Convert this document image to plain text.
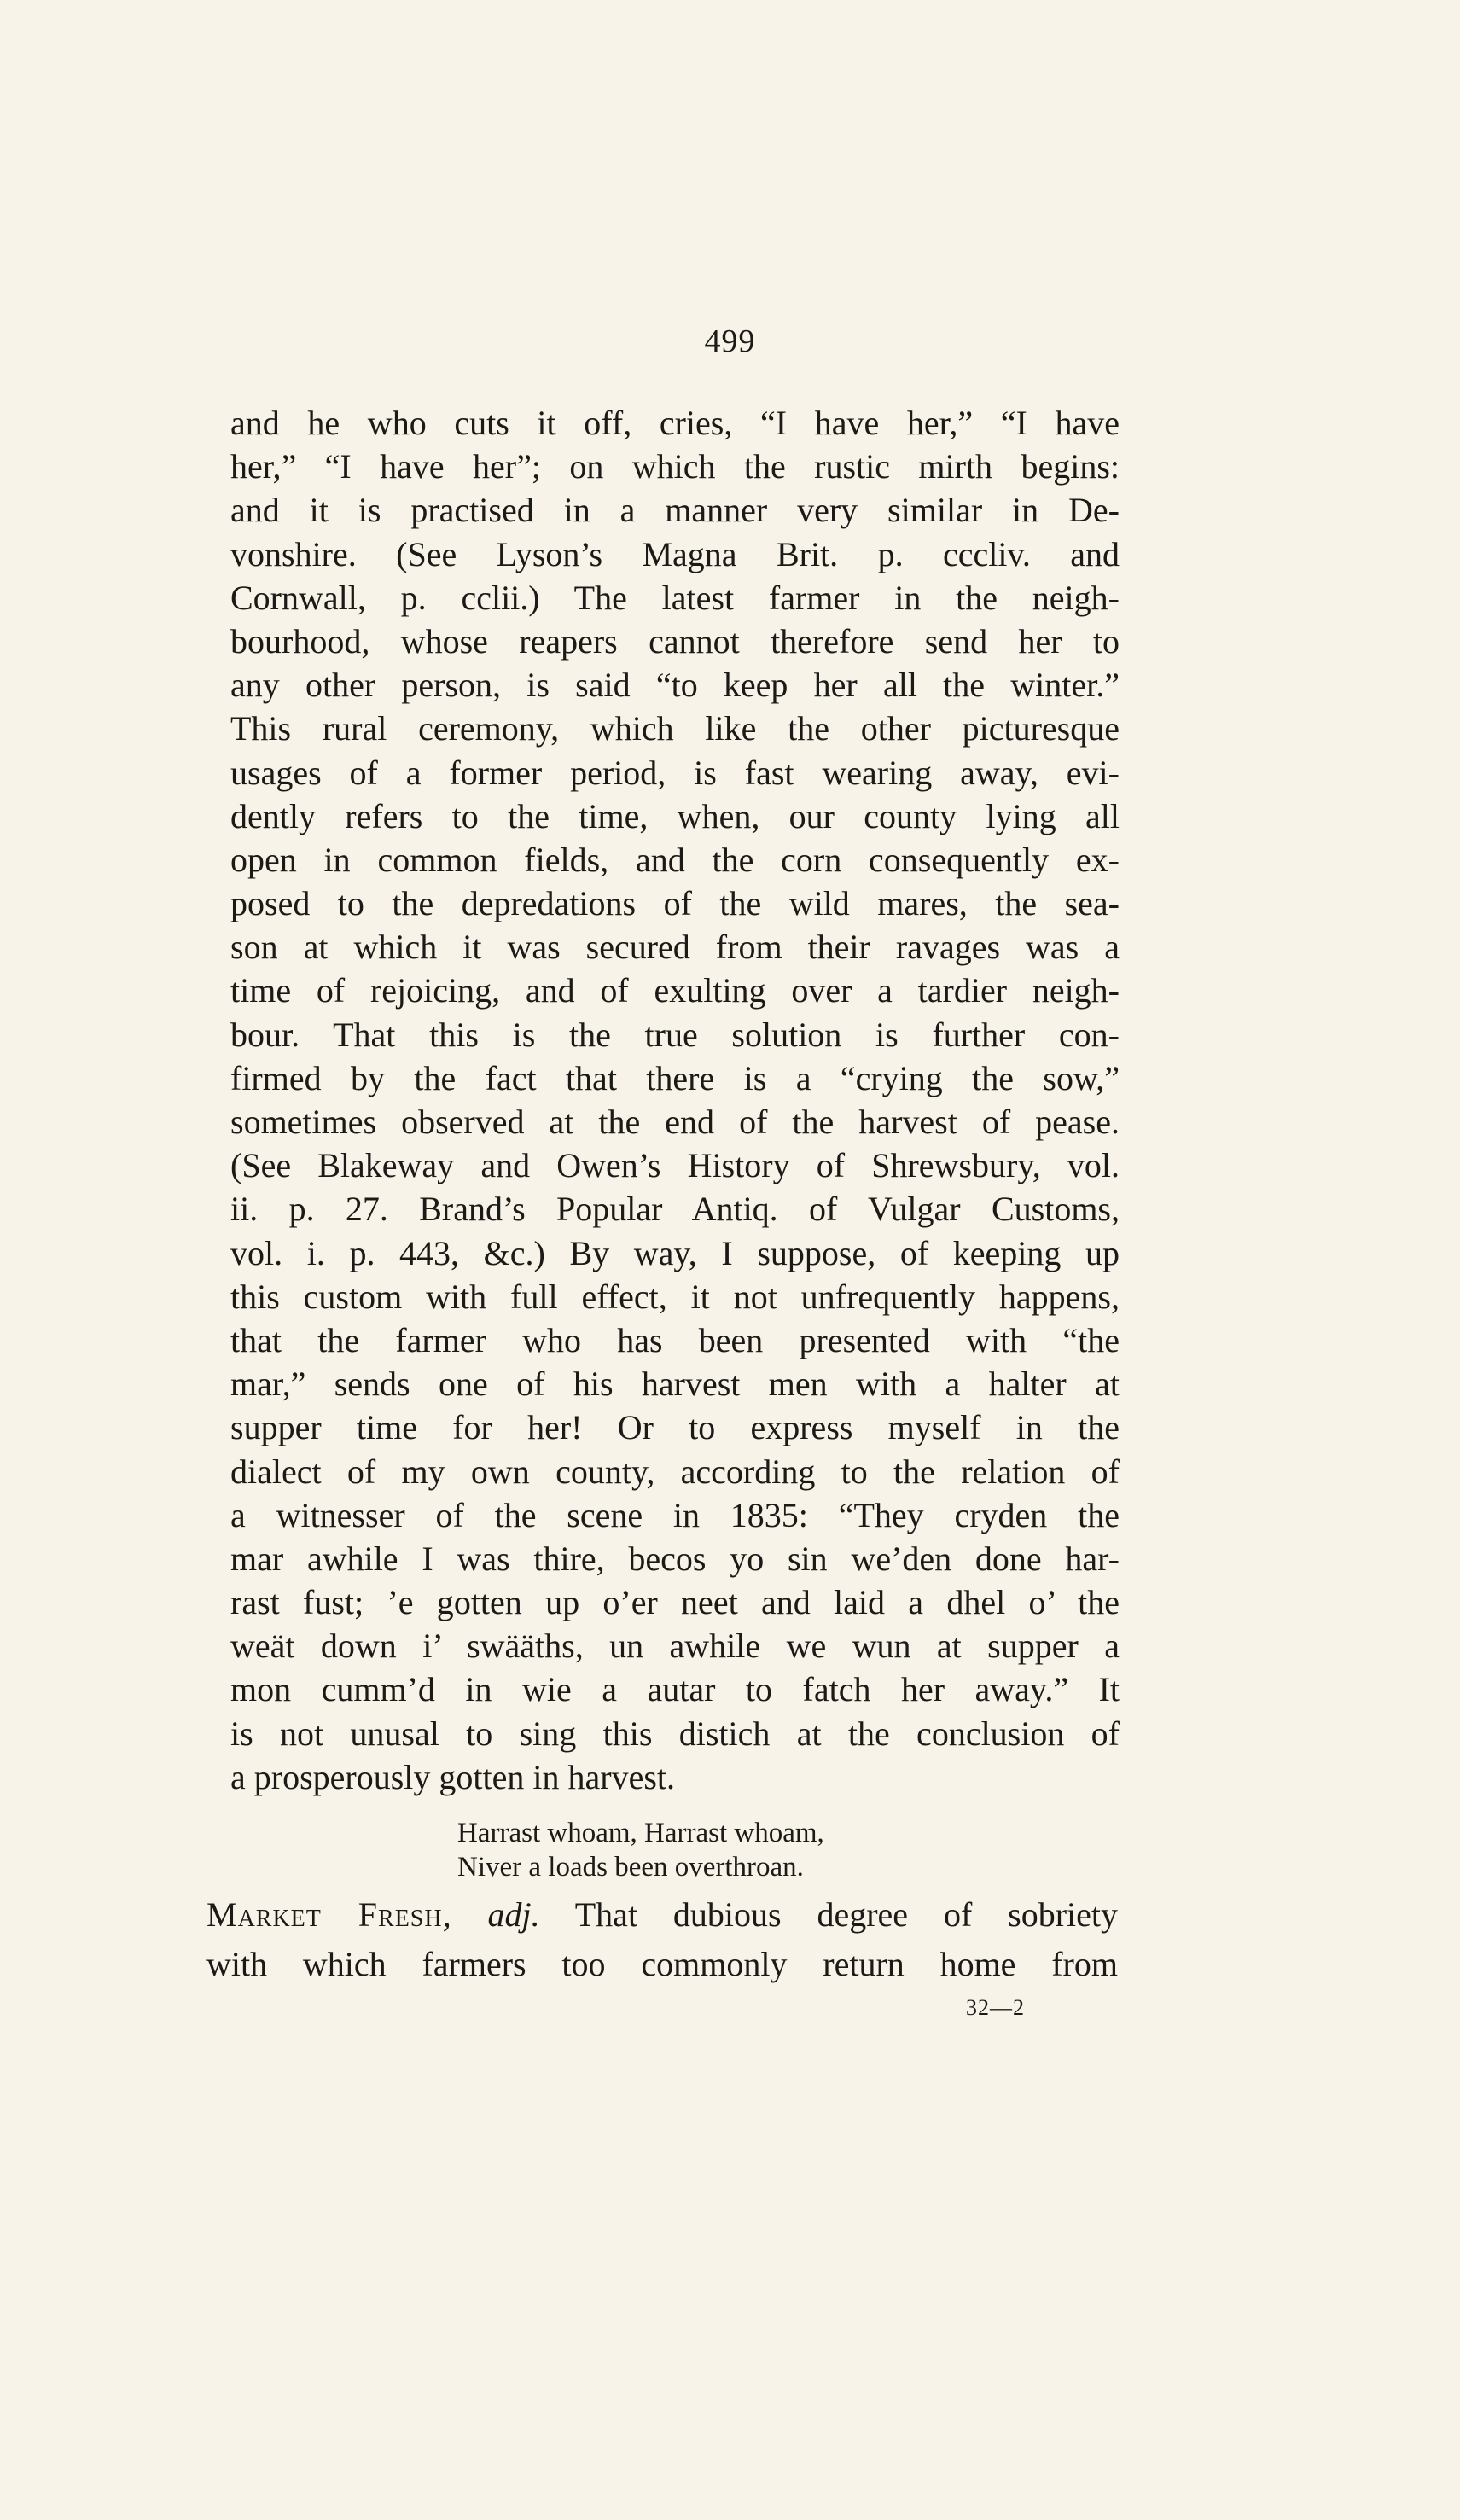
499
and he who cuts it off, cries, “I have her,” “I have
her,” “I have her”; on which the rustic mirth begins:
and it is practised in a manner very similar in De-
vonshire. (See Lyson’s Magna Brit. p. cccliv. and
Cornwall, p. cclii.) The latest farmer in the neigh-
bourhood, whose reapers cannot therefore send her to
any other person, is said “to keep her all the winter.”
This rural ceremony, which like the other picturesque
usages of a former period, is fast wearing away, evi-
dently refers to the time, when, our county lying all
open in common fields, and the corn consequently ex-
posed to the depredations of the wild mares, the sea-
son at which it was secured from their ravages was a
time of rejoicing, and of exulting over a tardier neigh-
bour. That this is the true solution is further con-
firmed by the fact that there is a “crying the sow,”
sometimes observed at the end of the harvest of pease.
(See Blakeway and Owen’s History of Shrewsbury, vol.
ii. p. 27. Brand’s Popular Antiq. of Vulgar Customs,
vol. i. p. 443, &c.) By way, I suppose, of keeping up
this custom with full effect, it not unfrequently happens,
that the farmer who has been presented with “the
mar,” sends one of his harvest men with a halter at
supper time for her! Or to express myself in the
dialect of my own county, according to the relation of
a witnesser of the scene in 1835: “They cryden the
mar awhile I was thire, becos yo sin we’den done har-
rast fust; ’e gotten up o’er neet and laid a dhel o’ the
weät down i’ swääths, un awhile we wun at supper a
mon cumm’d in wie a autar to fatch her away.” It
is not unusal to sing this distich at the conclusion of
a prosperously gotten in harvest.
Harrast whoam, Harrast whoam,
Niver a loads been overthroan.
Market Fresh, adj. That dubious degree of sobriety
with which farmers too commonly return home from
32—2
